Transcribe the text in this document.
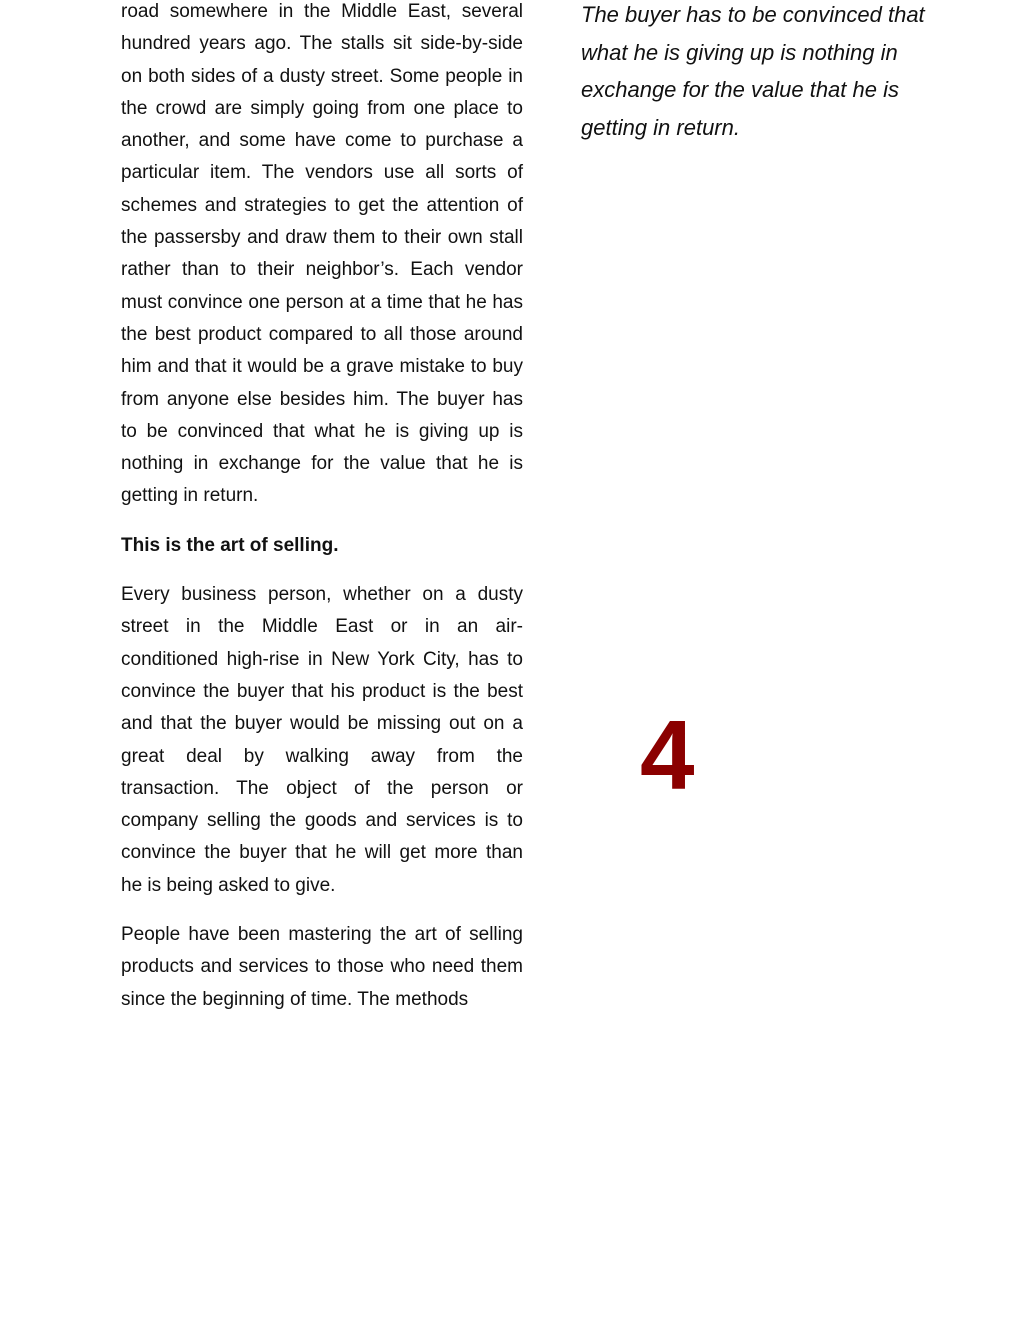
road somewhere in the Middle East, several hundred years ago. The stalls sit side-by-side on both sides of a dusty street. Some people in the crowd are simply going from one place to another, and some have come to purchase a particular item. The vendors use all sorts of schemes and strategies to get the attention of the passersby and draw them to their own stall rather than to their neighbor’s. Each vendor must convince one person at a time that he has the best product compared to all those around him and that it would be a grave mistake to buy from anyone else besides him. The buyer has to be convinced that what he is giving up is nothing in exchange for the value that he is getting in return.

This is the art of selling.

Every business person, whether on a dusty street in the Middle East or in an air-conditioned high-rise in New York City, has to convince the buyer that his product is the best and that the buyer would be missing out on a great deal by walking away from the transaction. The object of the person or company selling the goods and services is to convince the buyer that he will get more than he is being asked to give.

People have been mastering the art of selling products and services to those who need them since the beginning of time. The methods

The buyer has to be convinced that what he is giving up is nothing in exchange for the value that he is getting in return.

4
